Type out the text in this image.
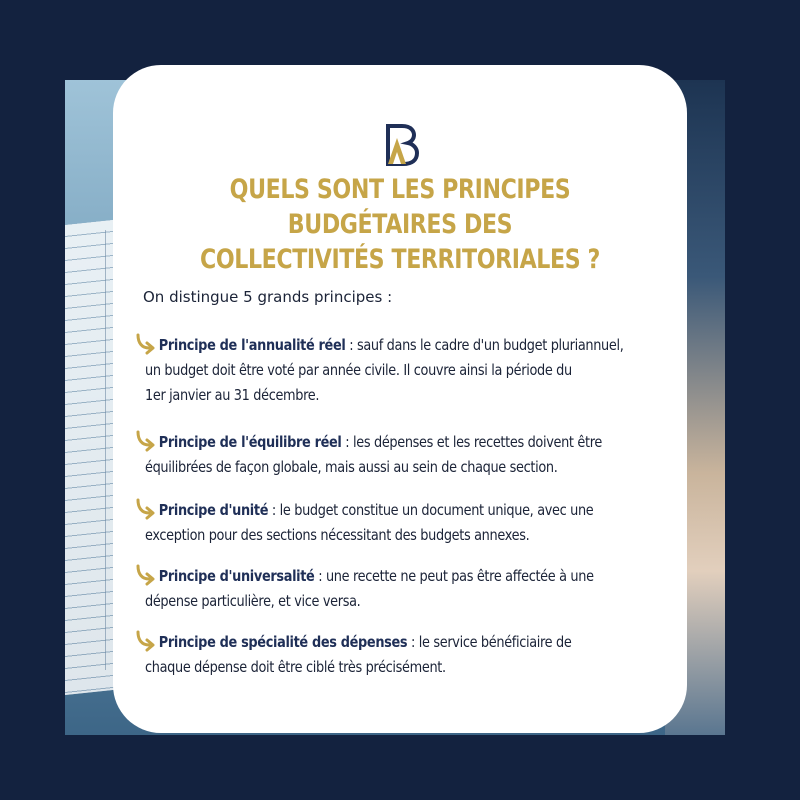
QUELS SONT LES PRINCIPES BUDGÉTAIRES DES
COLLECTIVITÉS TERRITORIALES ?
On distingue 5 grands principes :
Principe de l'annualité réel : sauf dans le cadre d'un budget pluriannuel,
un budget doit être voté par année civile. Il couvre ainsi la période du
1er janvier au 31 décembre.
Principe de l'équilibre réel : les dépenses et les recettes doivent être
équilibrées de façon globale, mais aussi au sein de chaque section.
Principe d'unité : le budget constitue un document unique, avec une
exception pour des sections nécessitant des budgets annexes.
Principe d'universalité : une recette ne peut pas être affectée à une
dépense particulière, et vice versa.
Principe de spécialité des dépenses : le service bénéficiaire de
chaque dépense doit être ciblé très précisément.
